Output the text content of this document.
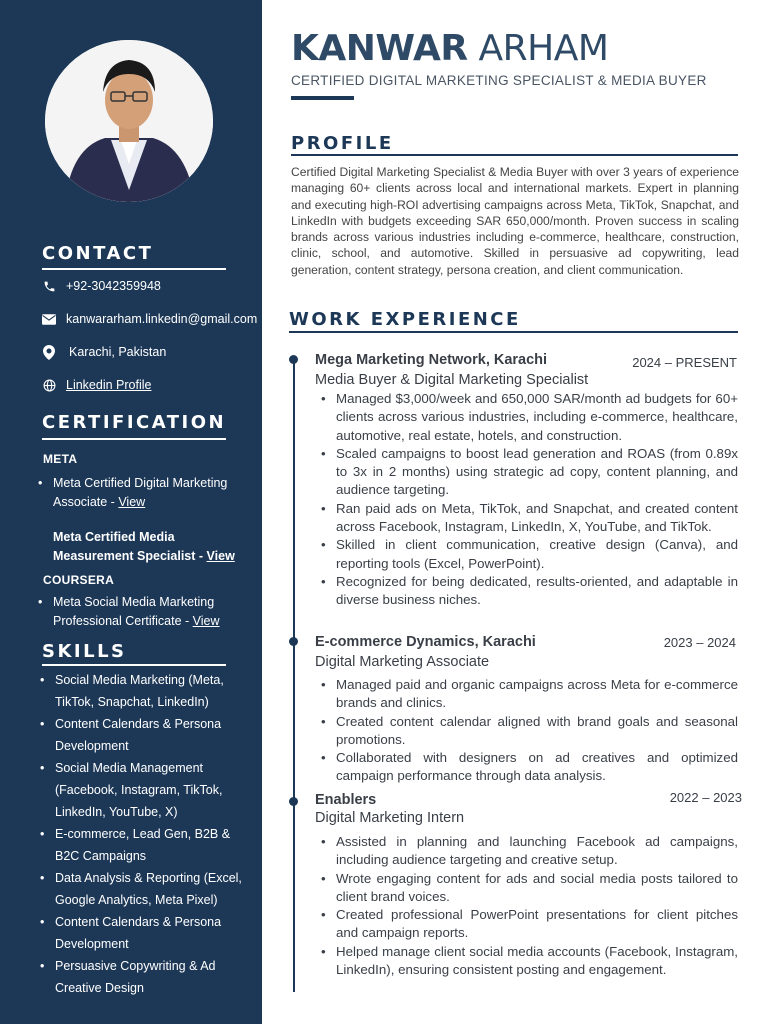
CONTACT
+92-3042359948
kanwararham.linkedin@gmail.com
Karachi, Pakistan
Linkedin Profile
CERTIFICATION
META
• Meta Certified Digital Marketing Associate - View
Meta Certified Media Measurement Specialist - View
COURSERA
• Meta Social Media Marketing Professional Certificate - View
SKILLS
• Social Media Marketing (Meta, TikTok, Snapchat, LinkedIn)
• Content Calendars & Persona Development
• Social Media Management (Facebook, Instagram, TikTok, LinkedIn, YouTube, X)
• E-commerce, Lead Gen, B2B & B2C Campaigns
• Data Analysis & Reporting (Excel, Google Analytics, Meta Pixel)
• Content Calendars & Persona Development
• Persuasive Copywriting & Ad Creative Design
KANWAR ARHAM
CERTIFIED DIGITAL MARKETING SPECIALIST & MEDIA BUYER
PROFILE

Certified Digital Marketing Specialist & Media Buyer with over 3 years of experience managing 60+ clients across local and international markets. Expert in planning and executing high-ROI advertising campaigns across Meta, TikTok, Snapchat, and LinkedIn with budgets exceeding SAR 650,000/month. Proven success in scaling brands across various industries including e-commerce, healthcare, construction, clinic, school, and automotive. Skilled in persuasive ad copywriting, lead generation, content strategy, persona creation, and client communication.

WORK EXPERIENCE
Mega Marketing Network, Karachi	2024 – PRESENT
Media Buyer & Digital Marketing Specialist
• Managed $3,000/week and 650,000 SAR/month ad budgets for 60+ clients across various industries, including e-commerce, healthcare, automotive, real estate, hotels, and construction.
• Scaled campaigns to boost lead generation and ROAS (from 0.89x to 3x in 2 months) using strategic ad copy, content planning, and audience targeting.
• Ran paid ads on Meta, TikTok, and Snapchat, and created content across Facebook, Instagram, LinkedIn, X, YouTube, and TikTok.
• Skilled in client communication, creative design (Canva), and reporting tools (Excel, PowerPoint).
• Recognized for being dedicated, results-oriented, and adaptable in diverse business niches.
E-commerce Dynamics, Karachi	2023 – 2024
Digital Marketing Associate
• Managed paid and organic campaigns across Meta for e-commerce brands and clinics.
• Created content calendar aligned with brand goals and seasonal promotions.
• Collaborated with designers on ad creatives and optimized campaign performance through data analysis.
Enablers	2022 – 2023
Digital Marketing Intern
• Assisted in planning and launching Facebook ad campaigns, including audience targeting and creative setup.
• Wrote engaging content for ads and social media posts tailored to client brand voices.
• Created professional PowerPoint presentations for client pitches and campaign reports.
• Helped manage client social media accounts (Facebook, Instagram, LinkedIn), ensuring consistent posting and engagement.
